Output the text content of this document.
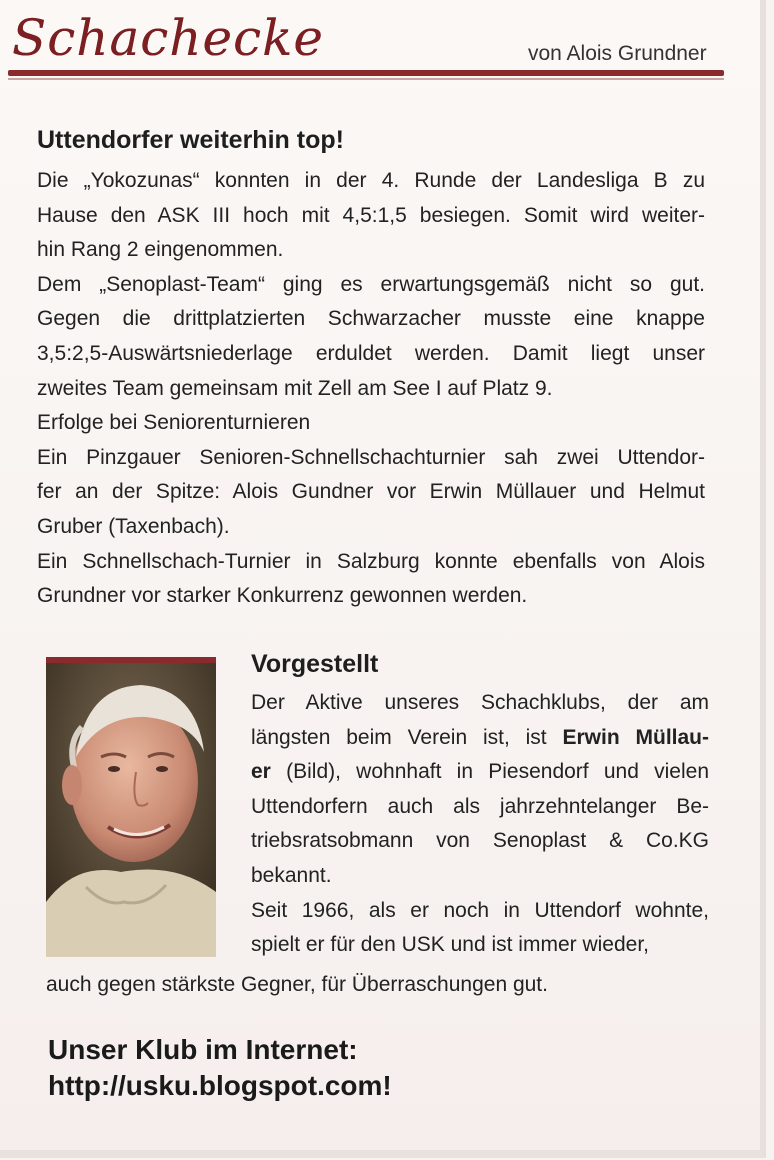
Schachecke	von Alois Grundner
Uttendorfer weiterhin top!
Die „Yokozunas“ konnten in der 4. Runde der Landesliga B zu
Hause den ASK III hoch mit 4,5:1,5 besiegen. Somit wird weiter-
hin Rang 2 eingenommen.
Dem „Senoplast-Team“ ging es erwartungsgemäß nicht so gut.
Gegen die drittplatzierten Schwarzacher musste eine knappe
3,5:2,5-Auswärtsniederlage erduldet werden. Damit liegt unser
zweites Team gemeinsam mit Zell am See I auf Platz 9.
Erfolge bei Seniorenturnieren
Ein Pinzgauer Senioren-Schnellschachturnier sah zwei Uttendor-
fer an der Spitze: Alois Gundner vor Erwin Müllauer und Helmut
Gruber (Taxenbach).
Ein Schnellschach-Turnier in Salzburg konnte ebenfalls von Alois
Grundner vor starker Konkurrenz gewonnen werden.
Vorgestellt
Der Aktive unseres Schachklubs, der am
längsten beim Verein ist, ist Erwin Müllau-
er (Bild), wohnhaft in Piesendorf und vielen
Uttendorfern auch als jahrzehntelanger Be-
triebsratsobmann von Senoplast & Co.KG
bekannt.
Seit 1966, als er noch in Uttendorf wohnte,
spielt er für den USK und ist immer wieder,
auch gegen stärkste Gegner, für Überraschungen gut.
Unser Klub im Internet:
http://usku.blogspot.com!
